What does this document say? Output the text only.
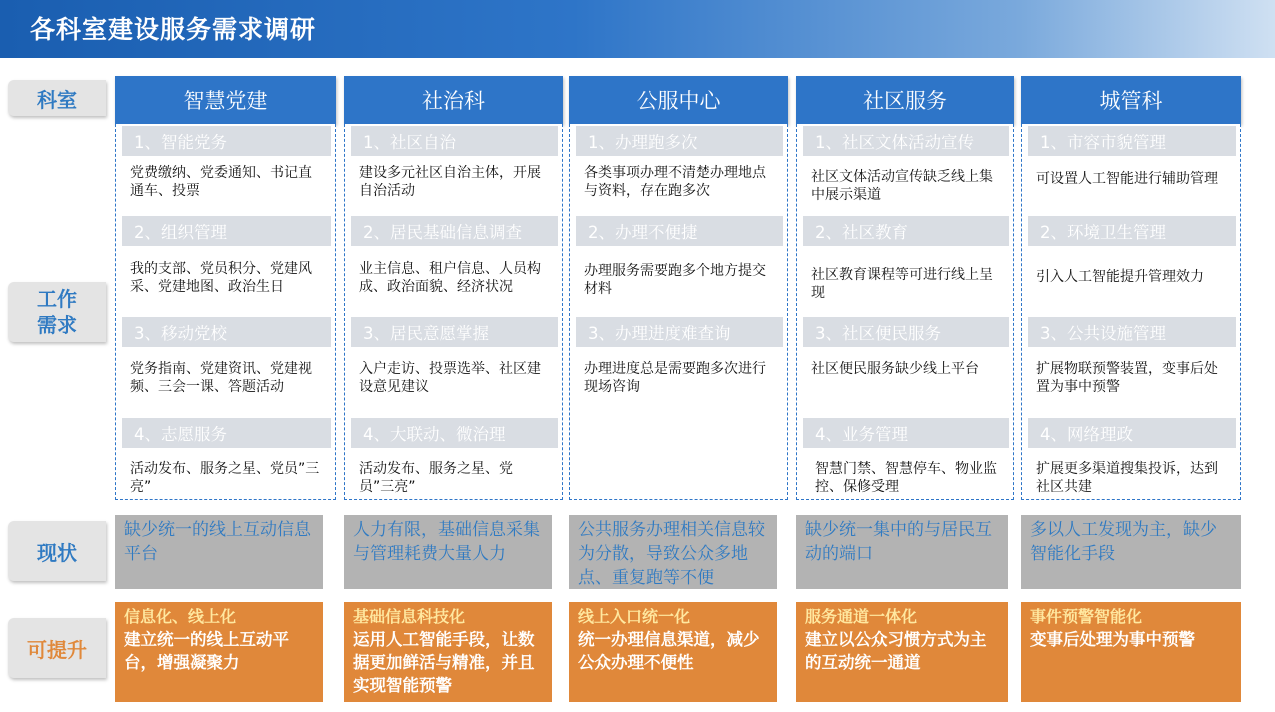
各科室建设服务需求调研
科室
工作
需求
现状
可提升
智慧党建
1、智能党务
党费缴纳、党委通知、书记直通车、投票
2、组织管理
我的支部、党员积分、党建风采、党建地图、政治生日
3、移动党校
党务指南、党建资讯、党建视频、三会一课、答题活动
4、志愿服务
活动发布、服务之星、党员”三亮”
缺少统一的线上互动信息平台
信息化、线上化
建立统一的线上互动平台，增强凝聚力
社治科
1、社区自治
建设多元社区自治主体，开展自治活动
2、居民基础信息调查
业主信息、租户信息、人员构成、政治面貌、经济状况
3、居民意愿掌握
入户走访、投票选举、社区建设意见建议
4、大联动、微治理
活动发布、服务之星、党员”三亮”
人力有限，基础信息采集与管理耗费大量人力
基础信息科技化
运用人工智能手段，让数据更加鲜活与精准，并且实现智能预警
公服中心
1、办理跑多次
各类事项办理不清楚办理地点与资料，存在跑多次
2、办理不便捷
办理服务需要跑多个地方提交材料
3、办理进度难查询
办理进度总是需要跑多次进行现场咨询
公共服务办理相关信息较为分散，导致公众多地点、重复跑等不便
线上入口统一化
统一办理信息渠道，减少公众办理不便性
社区服务
1、社区文体活动宣传
社区文体活动宣传缺乏线上集中展示渠道
2、社区教育
社区教育课程等可进行线上呈现
3、社区便民服务
社区便民服务缺少线上平台
4、业务管理
智慧门禁、智慧停车、物业监控、保修受理
缺少统一集中的与居民互动的端口
服务通道一体化
建立以公众习惯方式为主的互动统一通道
城管科
1、市容市貌管理
可设置人工智能进行辅助管理
2、环境卫生管理
引入人工智能提升管理效力
3、公共设施管理
扩展物联预警装置，变事后处置为事中预警
4、网络理政
扩展更多渠道搜集投诉，达到社区共建
多以人工发现为主，缺少智能化手段
事件预警智能化
变事后处理为事中预警
